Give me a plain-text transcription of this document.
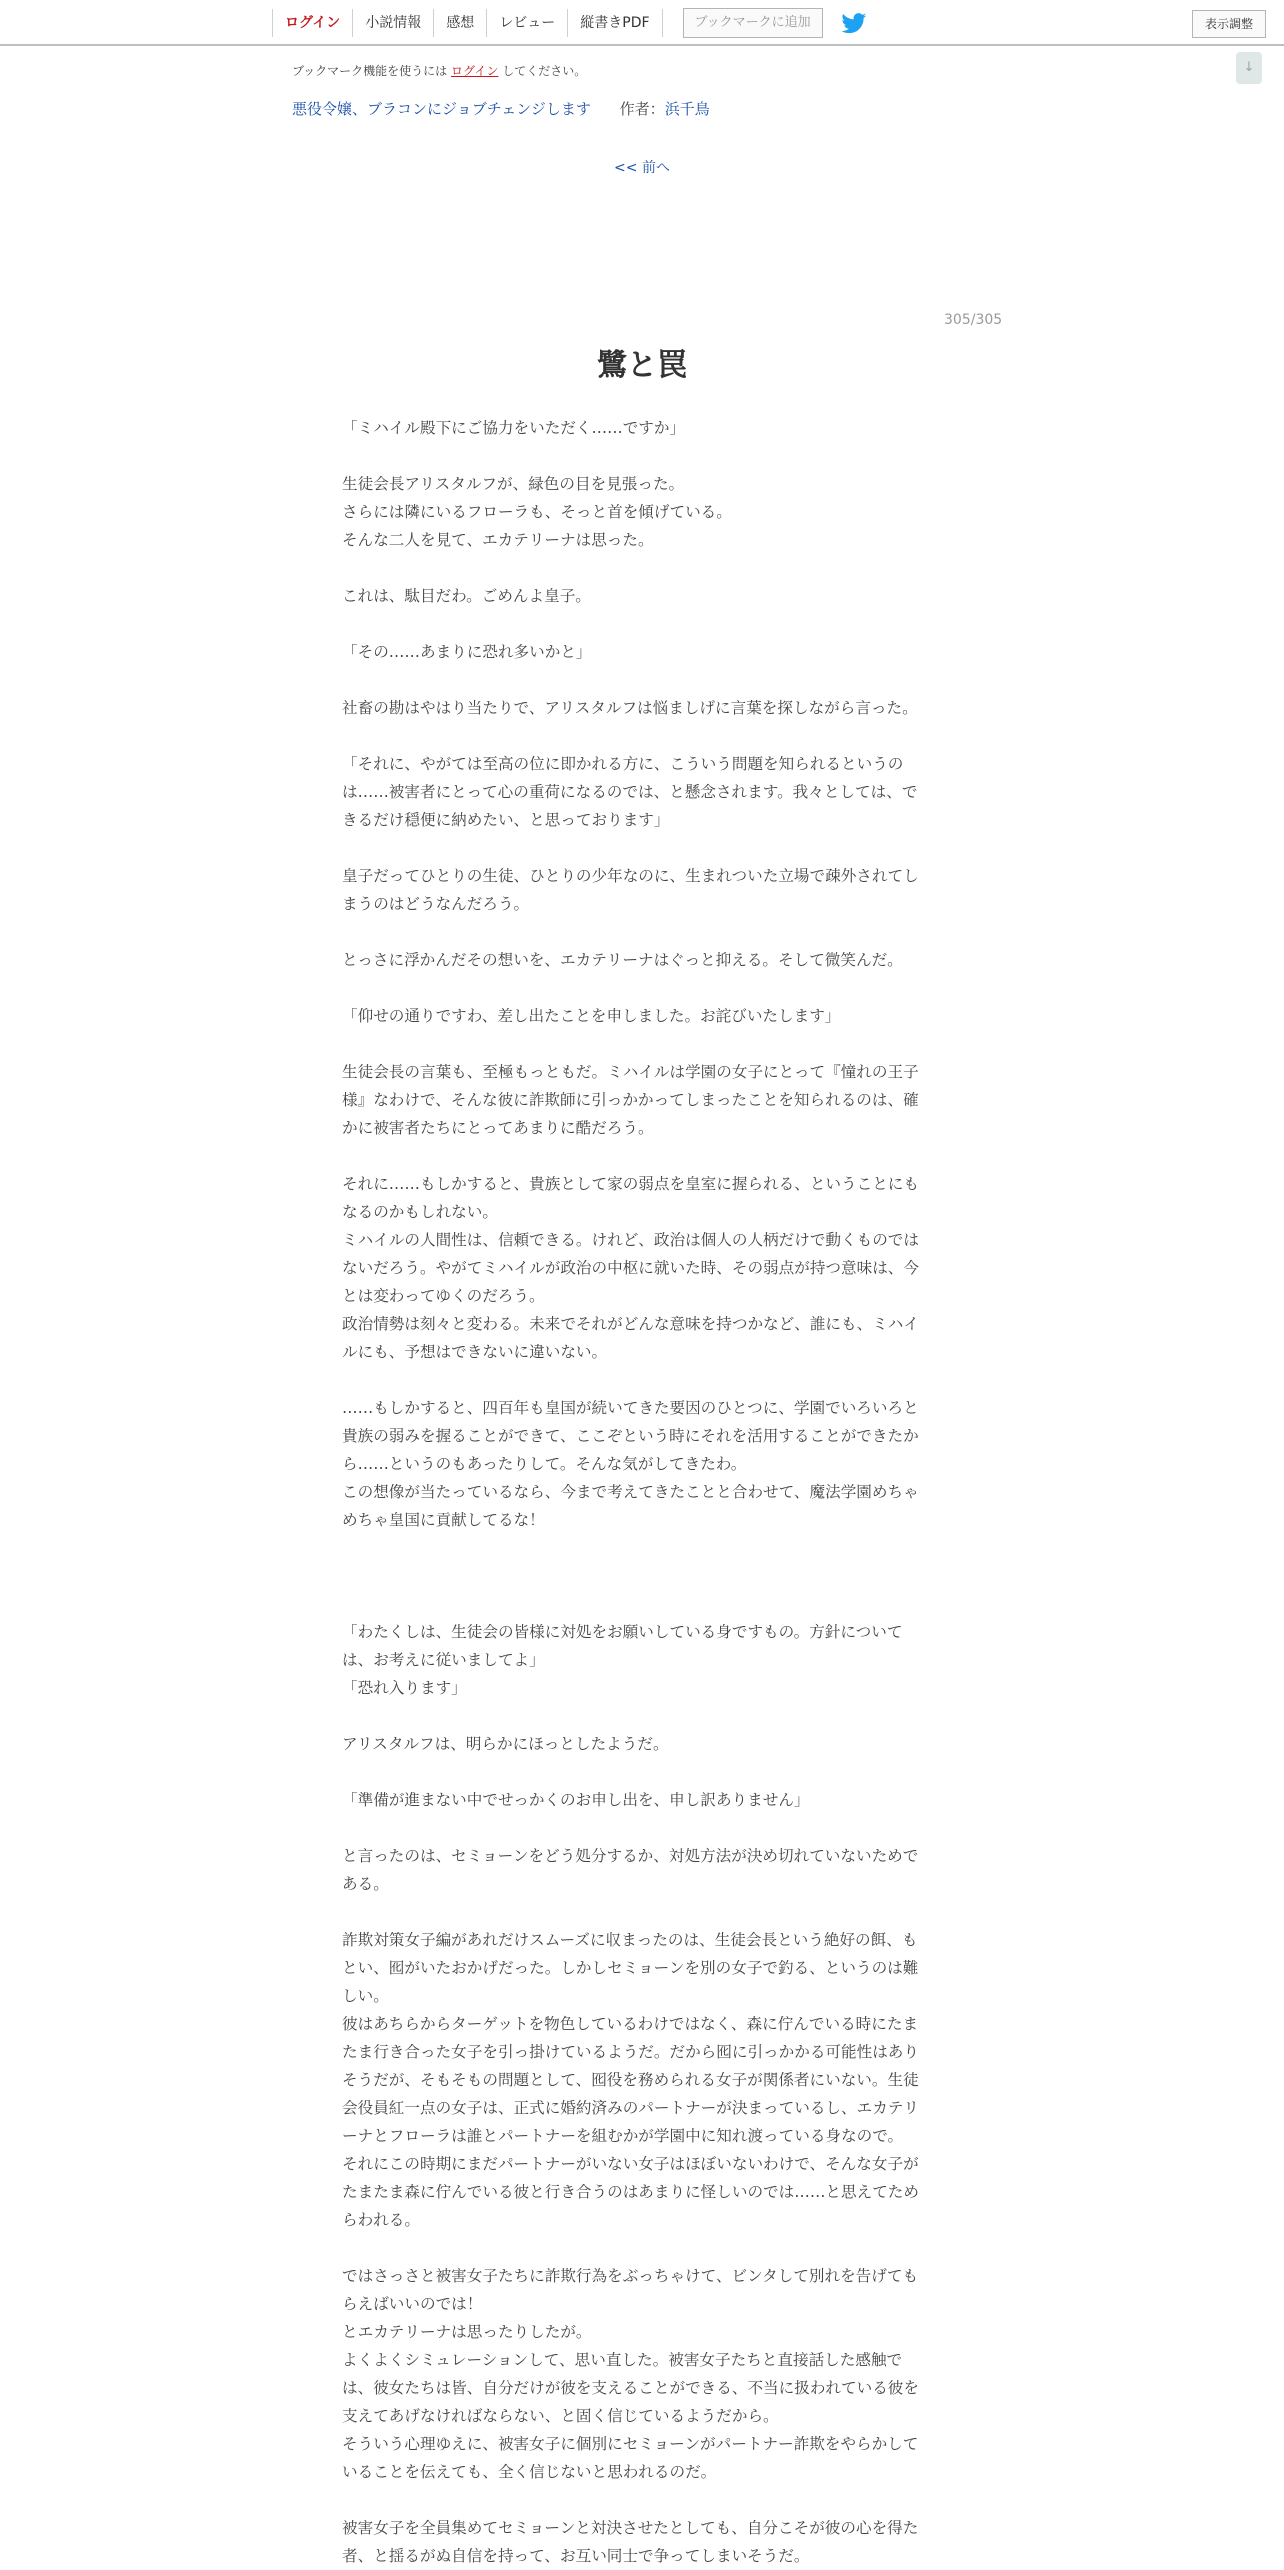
ログイン	小説情報	感想	レビュー	縦書きPDF	ブックマークに追加	表示調整
↓
ブックマーク機能を使うには ログイン してください。
悪役令嬢、ブラコンにジョブチェンジします 作者：浜千鳥
<< 前へ
305/305
鷺と罠
「ミハイル殿下にご協力をいただく……ですか」
生徒会長アリスタルフが、緑色の目を見張った。
さらには隣にいるフローラも、そっと首を傾げている。
そんな二人を見て、エカテリーナは思った。
これは、駄目だわ。ごめんよ皇子。
「その……あまりに恐れ多いかと」
社畜の勘はやはり当たりで、アリスタルフは悩ましげに言葉を探しながら言った。
「それに、やがては至高の位に即かれる方に、こういう問題を知られるというの
は……被害者にとって心の重荷になるのでは、と懸念されます。我々としては、で
きるだけ穏便に納めたい、と思っております」
皇子だってひとりの生徒、ひとりの少年なのに、生まれついた立場で疎外されてし
まうのはどうなんだろう。
とっさに浮かんだその想いを、エカテリーナはぐっと抑える。そして微笑んだ。
「仰せの通りですわ、差し出たことを申しました。お詫びいたします」
生徒会長の言葉も、至極もっともだ。ミハイルは学園の女子にとって『憧れの王子
様』なわけで、そんな彼に詐欺師に引っかかってしまったことを知られるのは、確
かに被害者たちにとってあまりに酷だろう。
それに……もしかすると、貴族として家の弱点を皇室に握られる、ということにも
なるのかもしれない。
ミハイルの人間性は、信頼できる。けれど、政治は個人の人柄だけで動くものでは
ないだろう。やがてミハイルが政治の中枢に就いた時、その弱点が持つ意味は、今
とは変わってゆくのだろう。
政治情勢は刻々と変わる。未来でそれがどんな意味を持つかなど、誰にも、ミハイ
ルにも、予想はできないに違いない。
……もしかすると、四百年も皇国が続いてきた要因のひとつに、学園でいろいろと
貴族の弱みを握ることができて、ここぞという時にそれを活用することができたか
ら……というのもあったりして。そんな気がしてきたわ。
この想像が当たっているなら、今まで考えてきたことと合わせて、魔法学園めちゃ
めちゃ皇国に貢献してるな！
「わたくしは、生徒会の皆様に対処をお願いしている身ですもの。方針について
は、お考えに従いましてよ」
「恐れ入ります」
アリスタルフは、明らかにほっとしたようだ。
「準備が進まない中でせっかくのお申し出を、申し訳ありません」
と言ったのは、セミョーンをどう処分するか、対処方法が決め切れていないためで
ある。
詐欺対策女子編があれだけスムーズに収まったのは、生徒会長という絶好の餌、も
とい、囮がいたおかげだった。しかしセミョーンを別の女子で釣る、というのは難
しい。
彼はあちらからターゲットを物色しているわけではなく、森に佇んでいる時にたま
たま行き合った女子を引っ掛けているようだ。だから囮に引っかかる可能性はあり
そうだが、そもそもの問題として、囮役を務められる女子が関係者にいない。生徒
会役員紅一点の女子は、正式に婚約済みのパートナーが決まっているし、エカテリ
ーナとフローラは誰とパートナーを組むかが学園中に知れ渡っている身なので。
それにこの時期にまだパートナーがいない女子はほぼいないわけで、そんな女子が
たまたま森に佇んでいる彼と行き合うのはあまりに怪しいのでは……と思えてため
らわれる。
ではさっさと被害女子たちに詐欺行為をぶっちゃけて、ビンタして別れを告げても
らえばいいのでは！
とエカテリーナは思ったりしたが。
よくよくシミュレーションして、思い直した。被害女子たちと直接話した感触で
は、彼女たちは皆、自分だけが彼を支えることができる、不当に扱われている彼を
支えてあげなければならない、と固く信じているようだから。
そういう心理ゆえに、被害女子に個別にセミョーンがパートナー詐欺をやらかして
いることを伝えても、全く信じないと思われるのだ。
被害女子を全員集めてセミョーンと対決させたとしても、自分こそが彼の心を得た
者、と揺るがぬ自信を持って、お互い同士で争ってしまいそうだ。
